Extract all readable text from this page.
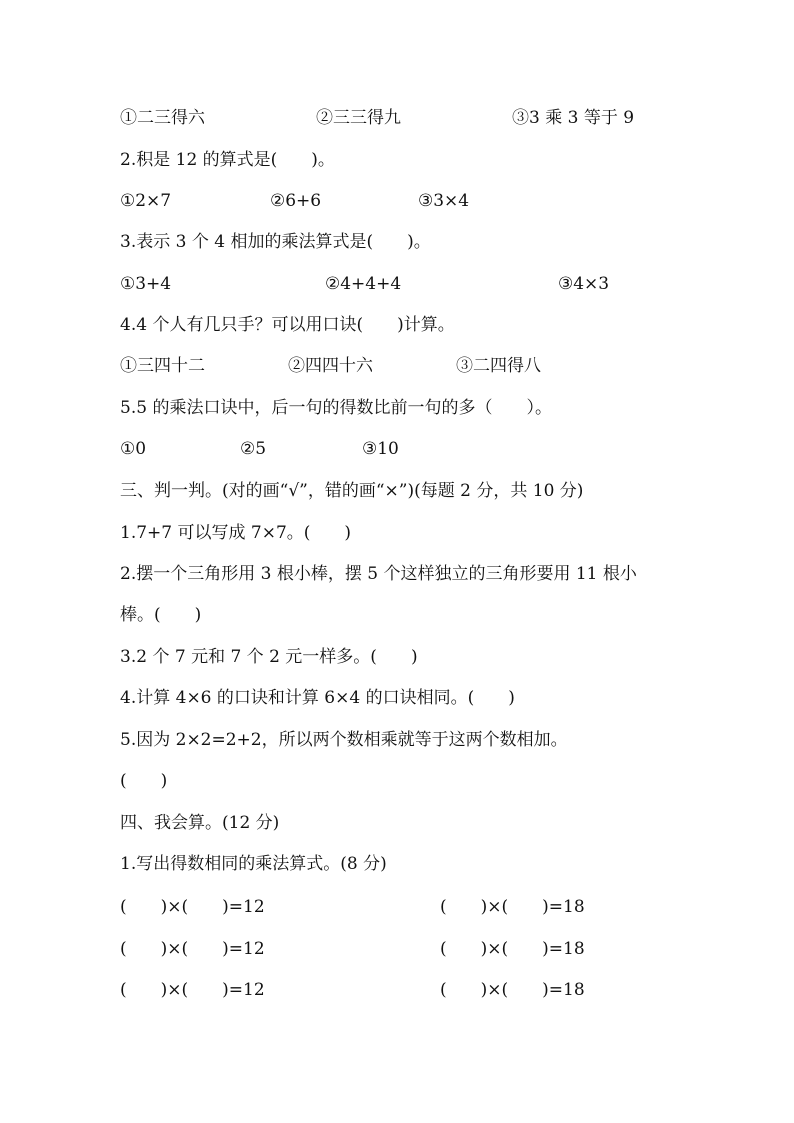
①二三得六	②三三得九	③3 乘 3 等于 9
2.积是 12 的算式是(　　)。
①2×7	②6+6	③3×4
3.表示 3 个 4 相加的乘法算式是(　　)。
①3+4	②4+4+4	③4×3
4.4 个人有几只手？可以用口诀(　　)计算。
①三四十二	②四四十六	③二四得八
5.5 的乘法口诀中，后一句的得数比前一句的多（　　）。
①0	②5	③10
三、判一判。(对的画“√”，错的画“×”)(每题 2 分，共 10 分)
1.7+7 可以写成 7×7。(　　)
2.摆一个三角形用 3 根小棒，摆 5 个这样独立的三角形要用 11 根小
棒。(　　)
3.2 个 7 元和 7 个 2 元一样多。(　　)
4.计算 4×6 的口诀和计算 6×4 的口诀相同。(　　)
5.因为 2×2=2+2，所以两个数相乘就等于这两个数相加。
(　　)
四、我会算。(12 分)
1.写出得数相同的乘法算式。(8 分)
(　　)×(　　)=12	(　　)×(　　)=18
(　　)×(　　)=12	(　　)×(　　)=18
(　　)×(　　)=12	(　　)×(　　)=18
